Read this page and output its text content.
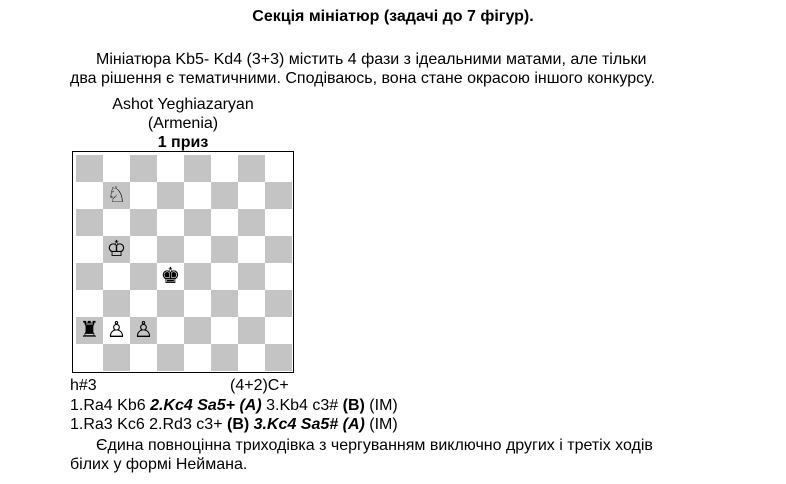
Секція мініатюр (задачі до 7 фігур).
Мініатюра Kb5- Kd4 (3+3) містить 4 фази з ідеальними матами, але тільки
два рішення є тематичними. Сподіваюсь, вона стане окрасою іншого конкурсу.
Ashot Yeghiazaryan
(Armenia)
1 приз
♘
♔
♚
♜ ♙ ♙
h#3	(4+2)C+
1.Ra4 Kb6 2.Kc4 Sa5+ (A) 3.Kb4 c3# (B) (IM)
1.Ra3 Kc6 2.Rd3 c3+ (B) 3.Kc4 Sa5# (A) (IM)
Єдина повноцінна триходівка з чергуванням виключно других і третіх ходів
білих у формі Неймана.
